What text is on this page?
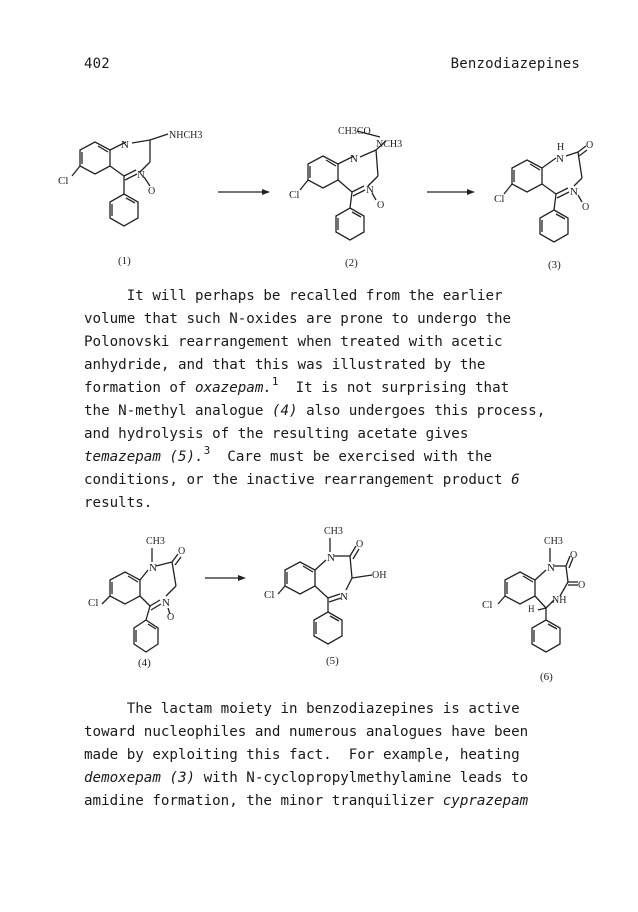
402	Benzodiazepines
N
NHCH3
N
O
Cl
(1)
CH3CO
NCH3
N
N
O
Cl
(2)
H
N
O
N
O
Cl
(3)
CH3
N
O
N
O
Cl
(4)
CH3
N
O
OH
N
Cl
(5)
CH3
N
O
O
NH
H
Cl
(6)
It will perhaps be recalled from the earlier
volume that such N-oxides are prone to undergo the
Polonovski rearrangement when treated with acetic
anhydride, and that this was illustrated by the
formation of oxazepam.$^1$  It is not surprising that
the N-methyl analogue (4) also undergoes this process,
and hydrolysis of the resulting acetate gives
temazepam (5).$^3$  Care must be exercised with the
conditions, or the inactive rearrangement product 6
results.
The lactam moiety in benzodiazepines is active
toward nucleophiles and numerous analogues have been
made by exploiting this fact.  For example, heating
demoxepam (3) with N-cyclopropylmethylamine leads to
amidine formation, the minor tranquilizer cyprazepam
